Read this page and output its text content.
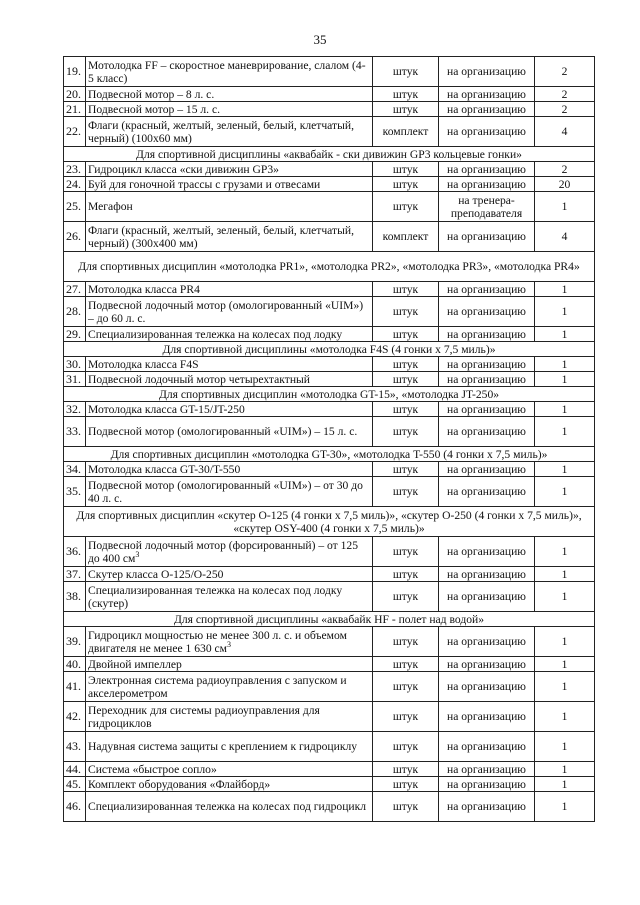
35
19.	Мотолодка FF – скоростное маневрирование, слалом (4-5 класс)	штук	на организацию	2
20.	Подвесной мотор – 8 л. с.	штук	на организацию	2
21.	Подвесной мотор – 15 л. с.	штук	на организацию	2
22.	Флаги (красный, желтый, зеленый, белый, клетчатый, черный) (100х60 мм)	комплект	на организацию	4
Для спортивной дисциплины «аквабайк - ски дивижин GP3 кольцевые гонки»				
23.	Гидроцикл класса «ски дивижин GP3»	штук	на организацию	2
24.	Буй для гоночной трассы с грузами и отвесами	штук	на организацию	20
25.	Мегафон	штук	на тренера-преподавателя	1
26.	Флаги (красный, желтый, зеленый, белый, клетчатый, черный) (300х400 мм)	комплект	на организацию	4
Для спортивных дисциплин «мотолодка PR1», «мотолодка PR2», «мотолодка PR3», «мотолодка PR4»				
27.	Мотолодка класса PR4	штук	на организацию	1
28.	Подвесной лодочный мотор (омологированный «UIM») – до 60 л. с.	штук	на организацию	1
29.	Специализированная тележка на колесах под лодку	штук	на организацию	1
Для спортивной дисциплины «мотолодка F4S (4 гонки х 7,5 миль)»				
30.	Мотолодка класса F4S	штук	на организацию	1
31.	Подвесной лодочный мотор четырехтактный	штук	на организацию	1
Для спортивных дисциплин «мотолодка GT-15», «мотолодка JT-250»				
32.	Мотолодка класса GT-15/JT-250	штук	на организацию	1
33.	Подвесной мотор (омологированный «UIM») – 15 л. с.	штук	на организацию	1
Для спортивных дисциплин «мотолодка GT-30», «мотолодка T-550 (4 гонки х 7,5 миль)»				
34.	Мотолодка класса GT-30/T-550	штук	на организацию	1
35.	Подвесной мотор (омологированный «UIM») – от 30 до 40 л. с.	штук	на организацию	1
Для спортивных дисциплин «скутер O-125 (4 гонки х 7,5 миль)», «скутер O-250 (4 гонки х 7,5 миль)», «скутер OSY-400 (4 гонки х 7,5 миль)»				
36.	Подвесной лодочный мотор (форсированный) – от 125 до 400 $см^3$	штук	на организацию	1
37.	Скутер класса O-125/O-250	штук	на организацию	1
38.	Специализированная тележка на колесах под лодку (скутер)	штук	на организацию	1
Для спортивной дисциплины «аквабайк HF - полет над водой»				
39.	Гидроцикл мощностью не менее 300 л. с. и объемом двигателя не менее 1 630 $см^3$	штук	на организацию	1
40.	Двойной импеллер	штук	на организацию	1
41.	Электронная система радиоуправления с запуском и акселерометром	штук	на организацию	1
42.	Переходник для системы радиоуправления для гидроциклов	штук	на организацию	1
43.	Надувная система защиты с креплением к гидроциклу	штук	на организацию	1
44.	Система «быстрое сопло»	штук	на организацию	1
45.	Комплект оборудования «Флайборд»	штук	на организацию	1
46.	Специализированная тележка на колесах под гидроцикл	штук	на организацию	1
